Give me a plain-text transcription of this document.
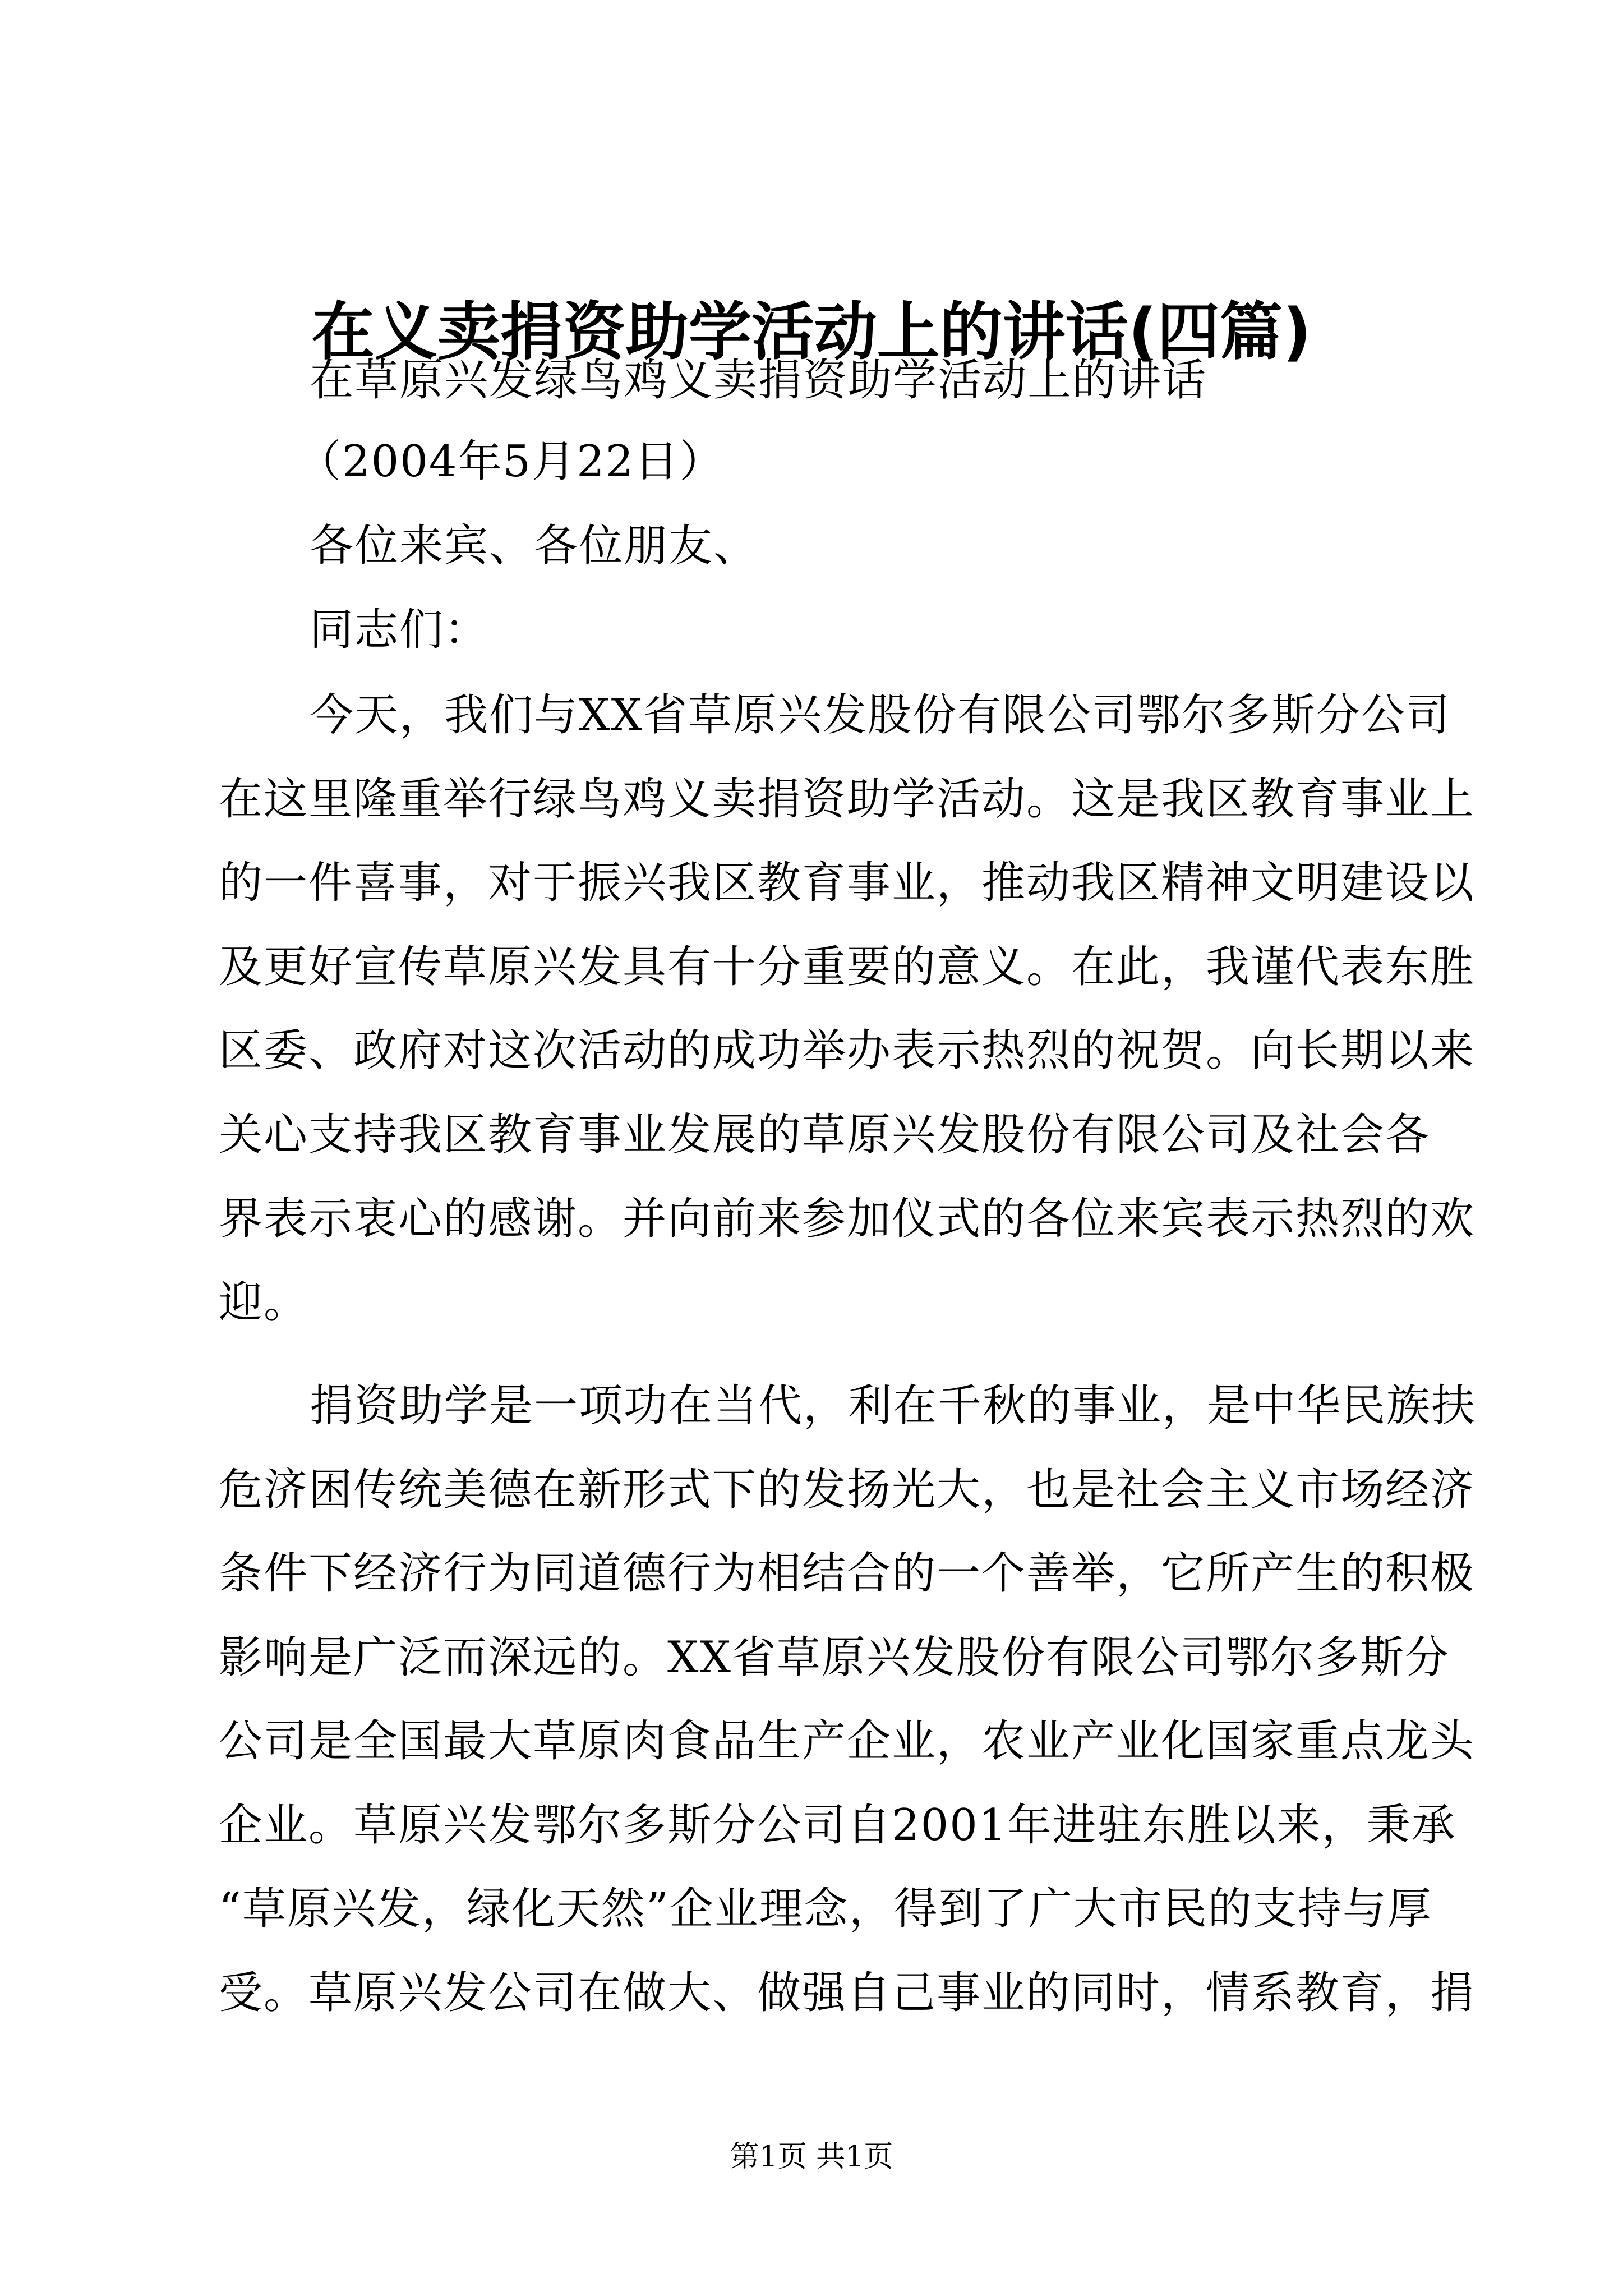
在义卖捐资助学活动上的讲话(四篇)
在草原兴发绿鸟鸡义卖捐资助学活动上的讲话
（2004年5月22日）
各位来宾、各位朋友、
同志们：
今天，我们与XX省草原兴发股份有限公司鄂尔多斯分公司
在这里隆重举行绿鸟鸡义卖捐资助学活动。这是我区教育事业上
的一件喜事，对于振兴我区教育事业，推动我区精神文明建设以
及更好宣传草原兴发具有十分重要的意义。在此，我谨代表东胜
区委、政府对这次活动的成功举办表示热烈的祝贺。向长期以来
关心支持我区教育事业发展的草原兴发股份有限公司及社会各
界表示衷心的感谢。并向前来参加仪式的各位来宾表示热烈的欢
迎。
捐资助学是一项功在当代，利在千秋的事业，是中华民族扶
危济困传统美德在新形式下的发扬光大，也是社会主义市场经济
条件下经济行为同道德行为相结合的一个善举，它所产生的积极
影响是广泛而深远的。XX省草原兴发股份有限公司鄂尔多斯分
公司是全国最大草原肉食品生产企业，农业产业化国家重点龙头
企业。草原兴发鄂尔多斯分公司自2001年进驻东胜以来，秉承
“草原兴发，绿化天然”企业理念，得到了广大市民的支持与厚
受。草原兴发公司在做大、做强自己事业的同时，情系教育，捐
第1页 共1页
